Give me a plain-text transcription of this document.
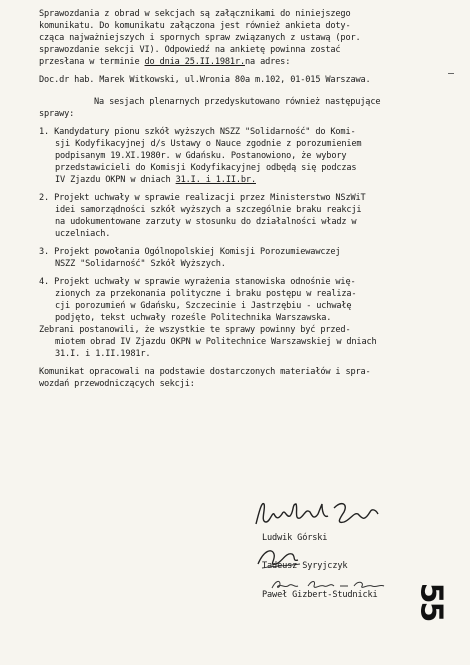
Sprawozdania z obrad w sekcjach są załącznikami do niniejszego
komunikatu. Do komunikatu załączona jest również ankieta doty-
cząca najważniejszych i spornych spraw związanych z ustawą (por.
sprawozdanie sekcji VI). Odpowiedź na ankietę powinna zostać
przesłana w terminie do dnia 25.II.1981r.na adres:
Doc.dr hab. Marek Witkowski, ul.Wronia 80a m.102, 01-015 Warszawa.
Na sesjach plenarnych przedyskutowano również następujące
sprawy:
1. Kandydatury pionu szkół wyższych NSZZ "Solidarność" do Komi-
sji Kodyfikacyjnej d/s Ustawy o Nauce zgodnie z porozumieniem
podpisanym 19.XI.1980r. w Gdańsku. Postanowiono, że wybory
przedstawicieli do Komisji Kodyfikacyjnej odbędą się podczas
IV Zjazdu OKPN w dniach 31.I. i 1.II.br.
2. Projekt uchwały w sprawie realizacji przez Ministerstwo NSzWiT
idei samorządności szkół wyższych a szczególnie braku reakcji
na udokumentowane zarzuty w stosunku do działalności władz w
uczelniach.
3. Projekt powołania Ogólnopolskiej Komisji Porozumiewawczej
NSZZ "Solidarność" Szkół Wyższych.
4. Projekt uchwały w sprawie wyrażenia stanowiska odnośnie wię-
zionych za przekonania polityczne i braku postępu w realiza-
cji porozumień w Gdańsku, Szczecinie i Jastrzębiu - uchwałę
podjęto, tekst uchwały roześle Politechnika Warszawska.
Zebrani postanowili, że wszystkie te sprawy powinny być przed-
miotem obrad IV Zjazdu OKPN w Politechnice Warszawskiej w dniach
31.I. i 1.II.1981r.
Komunikat opracowali na podstawie dostarczonych materiałów i spra-
wozdań przewodniczących sekcji:
Ludwik Górski
Tadeusz Syryjczyk
Paweł Gizbert-Studnicki 55
